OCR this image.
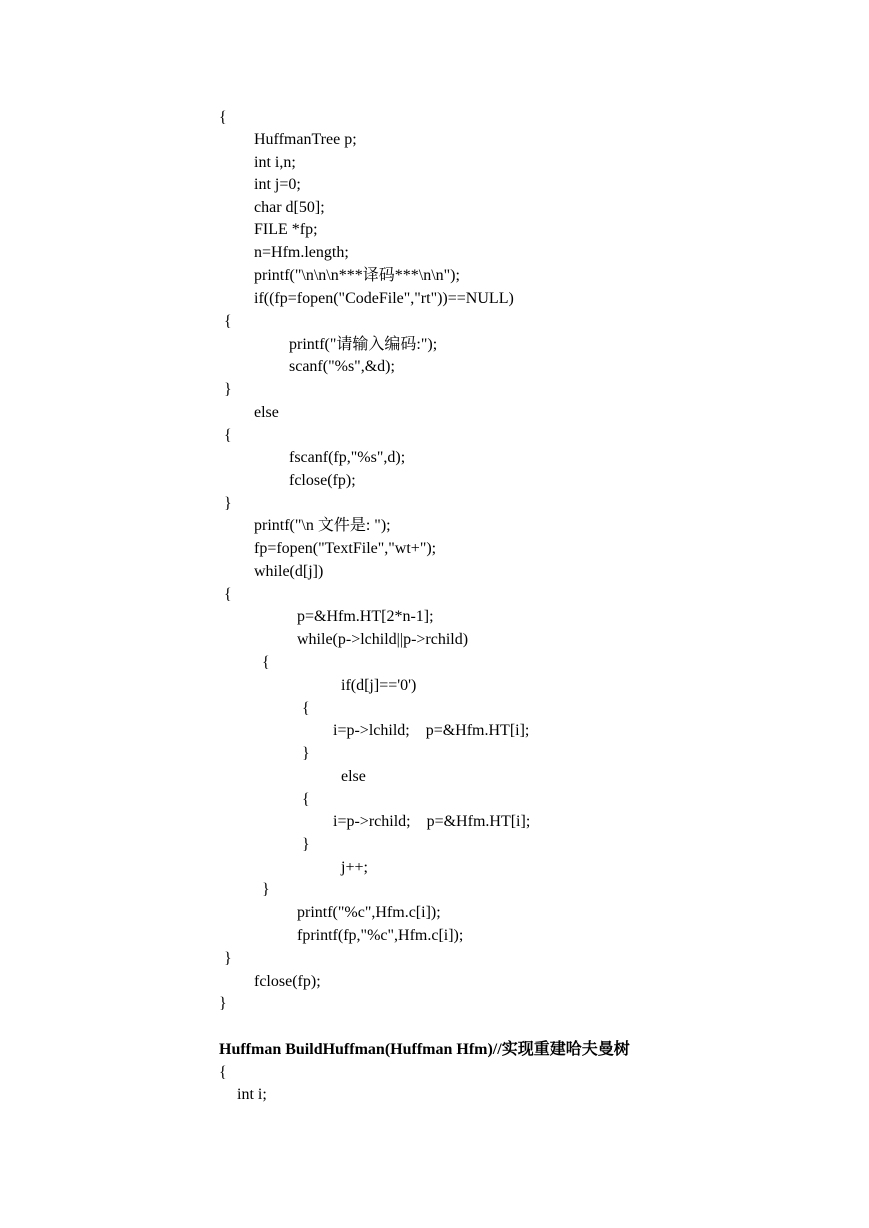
{
HuffmanTree p;
int i,n;
int j=0;
char d[50];
FILE *fp;
n=Hfm.length;
printf("\n\n\n***译码***\n\n");
if((fp=fopen("CodeFile","rt"))==NULL)
{
printf("请输入编码:");
scanf("%s",&d);
}
else
{
fscanf(fp,"%s",d);
fclose(fp);
}
printf("\n 文件是: ");
fp=fopen("TextFile","wt+");
while(d[j])
{
p=&Hfm.HT[2*n-1];
while(p->lchild||p->rchild)
{
if(d[j]=='0')
{
i=p->lchild;    p=&Hfm.HT[i];
}
else
{
i=p->rchild;    p=&Hfm.HT[i];
}
j++;
}
printf("%c",Hfm.c[i]);
fprintf(fp,"%c",Hfm.c[i]);
}
fclose(fp);
}
Huffman BuildHuffman(Huffman Hfm)//实现重建哈夫曼树
{
int i;
